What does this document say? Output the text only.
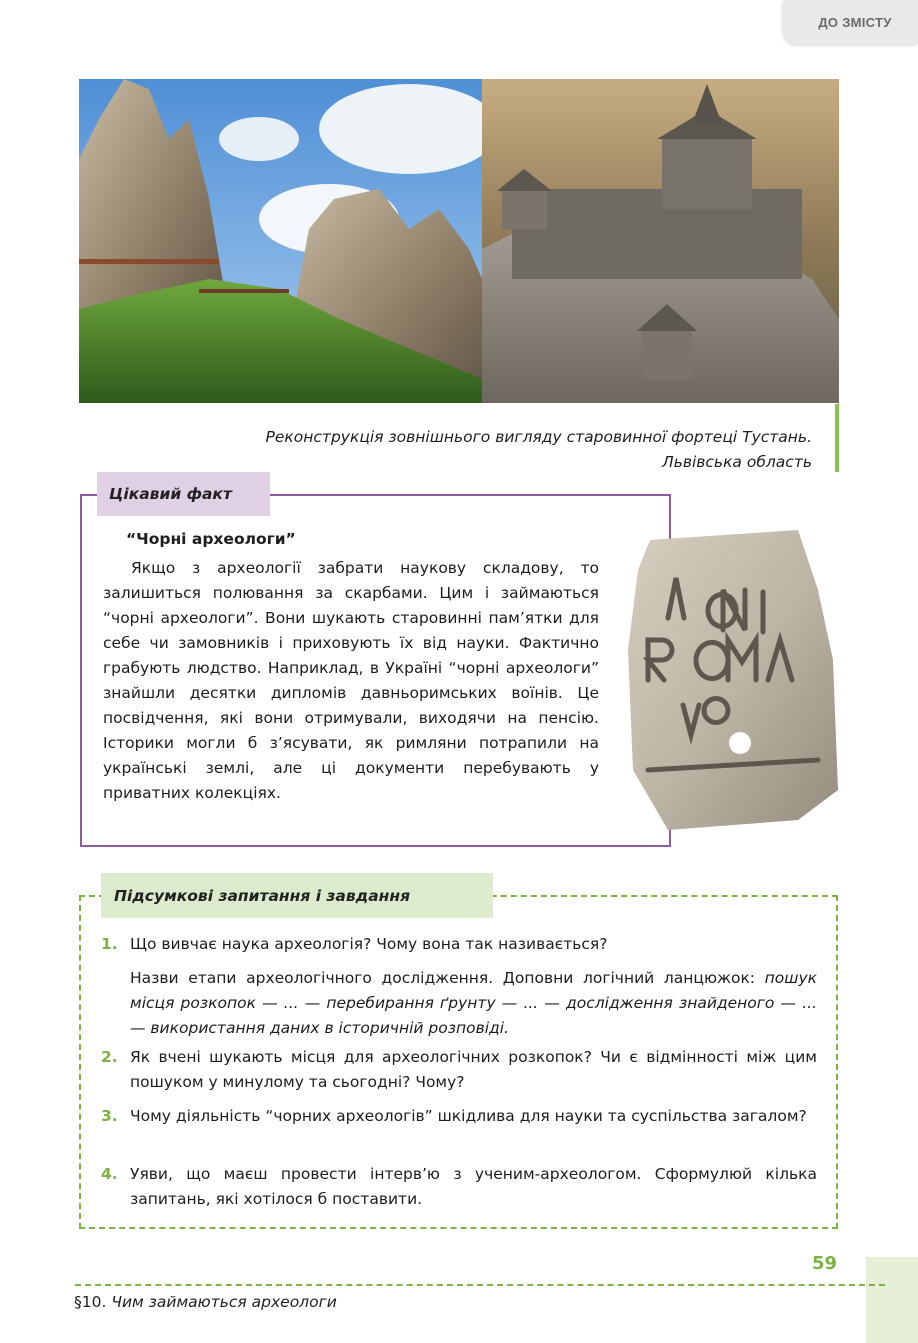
ДО ЗМІСТУ
Реконструкція зовнішнього вигляду старовинної фортеці Тустань.
Львівська область
Цікавий факт
“Чорні археологи”
Якщо з археології забрати наукову складову, то залишиться полювання за скарбами. Цим і займаються “чорні археологи”. Вони шукають старовинні пам’ятки для себе чи замовників і приховують їх від науки. Фактично грабують людство. Наприклад, в Україні “чорні археологи” знайшли десятки дипломів давньоримських воїнів. Це посвідчення, які вони отримували, виходячи на пенсію. Історики могли б з’ясувати, як римляни потрапили на українські землі, але ці документи перебувають у приватних колекціях.
Підсумкові запитання і завдання
1. Що вивчає наука археологія? Чому вона так називається?
Назви етапи археологічного дослідження. Доповни логічний ланцюжок: пошук місця розкопок — ... — перебирання ґрунту — ... — дослідження знайденого — ... — використання даних в історичній розповіді.
2. Як вчені шукають місця для археологічних розкопок? Чи є відмінності між цим пошуком у минулому та сьогодні? Чому?
3. Чому діяльність “чорних археологів” шкідлива для науки та суспільства загалом?
4. Уяви, що маєш провести інтерв’ю з ученим-археологом. Сформулюй кілька запитань, які хотілося б поставити.
59
§10. Чим займаються археологи
